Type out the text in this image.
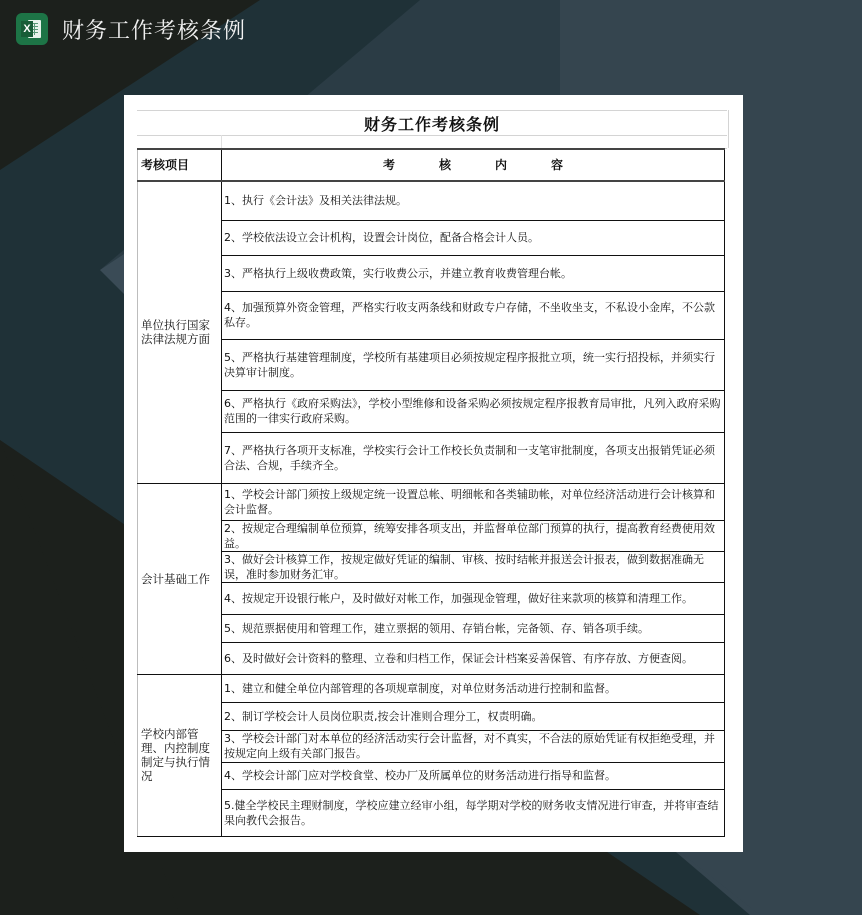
X 财务工作考核条例
财务工作考核条例
考核项目	考 核 内 容
单位执行国家法律法规方面	1、执行《会计法》及相关法律法规。
	2、学校依法设立会计机构，设置会计岗位，配备合格会计人员。
	3、严格执行上级收费政策，实行收费公示，并建立教育收费管理台帐。
	4、加强预算外资金管理，严格实行收支两条线和财政专户存储，不坐收坐支，不私设小金库，不公款私存。
	5、严格执行基建管理制度，学校所有基建项目必须按规定程序报批立项，统一实行招投标，并须实行决算审计制度。
	6、严格执行《政府采购法》，学校小型维修和设备采购必须按规定程序报教育局审批，凡列入政府采购范围的一律实行政府采购。
	7、严格执行各项开支标准，学校实行会计工作校长负责制和一支笔审批制度，各项支出报销凭证必须合法、合规，手续齐全。
会计基础工作	1、学校会计部门须按上级规定统一设置总帐、明细帐和各类辅助帐，对单位经济活动进行会计核算和会计监督。
	2、按规定合理编制单位预算，统筹安排各项支出，并监督单位部门预算的执行，提高教育经费使用效益。
	3、做好会计核算工作，按规定做好凭证的编制、审核、按时结帐并报送会计报表，做到数据准确无误，准时参加财务汇审。
	4、按规定开设银行帐户，及时做好对帐工作，加强现金管理，做好往来款项的核算和清理工作。
	5、规范票据使用和管理工作，建立票据的领用、存销台帐，完备领、存、销各项手续。
	6、及时做好会计资料的整理、立卷和归档工作，保证会计档案妥善保管、有序存放、方便查阅。
学校内部管理、内控制度制定与执行情况	1、建立和健全单位内部管理的各项规章制度，对单位财务活动进行控制和监督。
	2、制订学校会计人员岗位职责,按会计准则合理分工，权责明确。
	3、学校会计部门对本单位的经济活动实行会计监督，对不真实，不合法的原始凭证有权拒绝受理，并按规定向上级有关部门报告。
	4、学校会计部门应对学校食堂、校办厂及所属单位的财务活动进行指导和监督。
	5.健全学校民主理财制度，学校应建立经审小组，每学期对学校的财务收支情况进行审查，并将审查结果向教代会报告。
